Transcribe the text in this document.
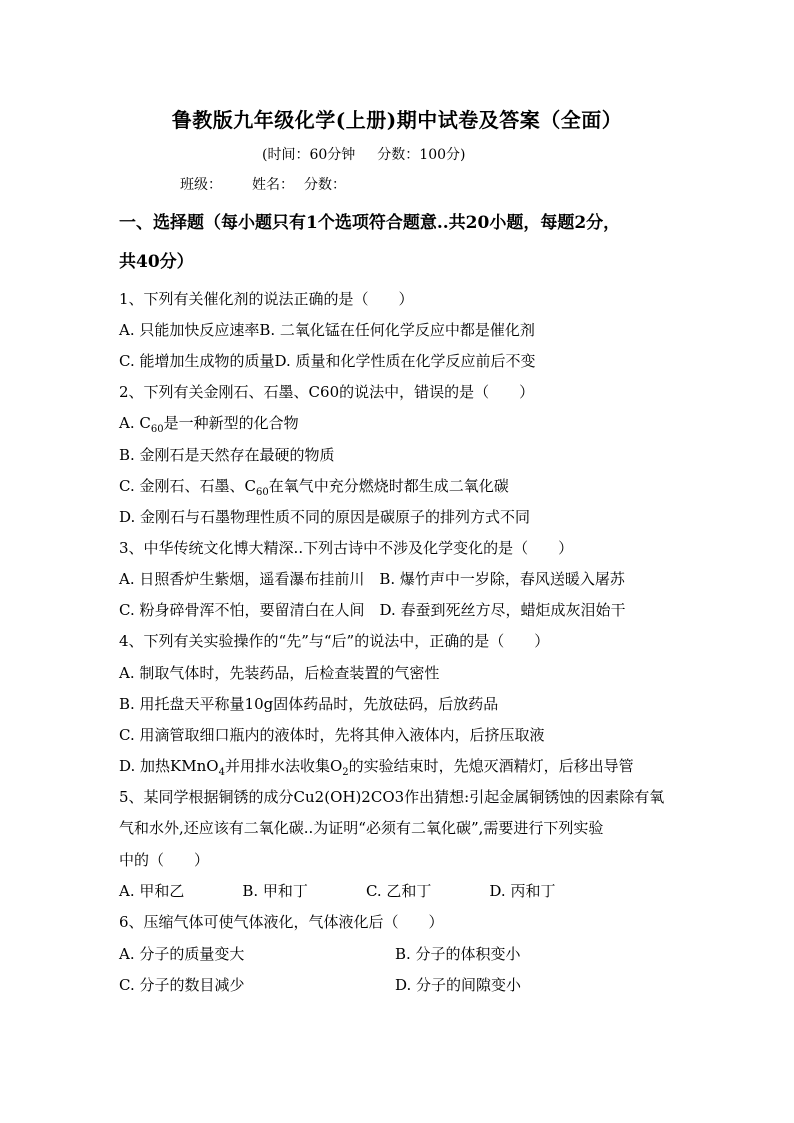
鲁教版九年级化学(上册)期中试卷及答案（全面）
(时间：60分钟 分数：100分)
班级： 姓名： 分数：
一、选择题（每小题只有1个选项符合题意..共20小题，每题2分，
共40分）
1、下列有关催化剂的说法正确的是（　　）
A. 只能加快反应速率B. 二氧化锰在任何化学反应中都是催化剂
C. 能增加生成物的质量D. 质量和化学性质在化学反应前后不变
2、下列有关金刚石、石墨、C60的说法中，错误的是（　　）
A. $C_{60}$是一种新型的化合物
B. 金刚石是天然存在最硬的物质
C. 金刚石、石墨、$C_{60}$在氧气中充分燃烧时都生成二氧化碳
D. 金刚石与石墨物理性质不同的原因是碳原子的排列方式不同
3、中华传统文化博大精深..下列古诗中不涉及化学变化的是（　　）
A. 日照香炉生紫烟，遥看瀑布挂前川　B. 爆竹声中一岁除，春风送暖入屠苏
C. 粉身碎骨浑不怕，要留清白在人间　D. 春蚕到死丝方尽，蜡炬成灰泪始干
4、下列有关实验操作的“先”与“后”的说法中，正确的是（　　）
A. 制取气体时，先装药品，后检查装置的气密性
B. 用托盘天平称量10g固体药品时，先放砝码，后放药品
C. 用滴管取细口瓶内的液体时，先将其伸入液体内，后挤压取液
D. 加热KMnO$_4$并用排水法收集$O_2$的实验结束时，先熄灭酒精灯，后移出导管
5、某同学根据铜锈的成分Cu2(OH)2CO3作出猜想:引起金属铜锈蚀的因素除有氧
气和水外,还应该有二氧化碳..为证明“必须有二氧化碳”,需要进行下列实验
中的（　　）
A. 甲和乙	B. 甲和丁	C. 乙和丁	D. 丙和丁
6、压缩气体可使气体液化，气体液化后（　　）
A. 分子的质量变大	B. 分子的体积变小
C. 分子的数目减少	D. 分子的间隙变小
